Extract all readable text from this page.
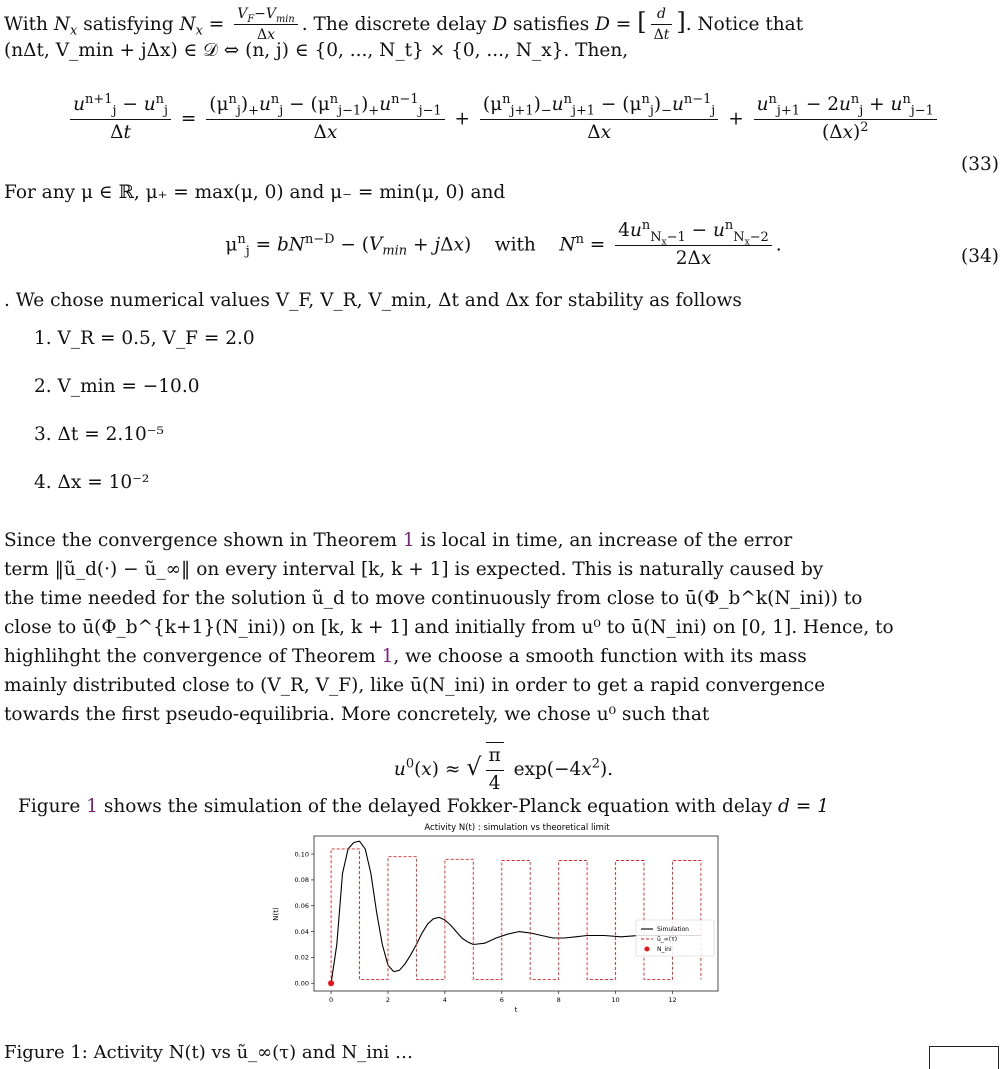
With $N_x$ satisfying $N_x = \frac{V_F-V_{min}}{\Delta x}$ . The discrete delay D satisfies D = [ $\frac{d}{\Delta t}$ ]. Notice that
(nΔt, V_min + jΔx) ∈ 𝒟 ⇔ (n, j) ∈ {0, ..., N_t} × {0, ..., N_x}. Then,
$\frac{u^{n+1}_j - u^n_j}{\Delta t} = \frac{(\mu^n_j)_+u^n_j - (\mu^n_{j-1})_+u^{n-1}_{j-1}}{\Delta x} + \frac{(\mu^n_{j+1})_-u^n_{j+1} - (\mu^n_j)_-u^{n-1}_j}{\Delta x} + \frac{u^n_{j+1} - 2u^n_j + u^n_{j-1}}{(\Delta x)^2}$
(33)
For any μ ∈ ℝ, μ₊ = max(μ, 0) and μ₋ = min(μ, 0) and
$\mu^n_j = bN^{n-D} - (V_{min} + j\Delta x)$    with $N^n = \frac{4u^n_{N_x-1} - u^n_{N_x-2}}{2\Delta x}$ .
(34)
. We chose numerical values V_F, V_R, V_min, Δt and Δx for stability as follows
1. V_R = 0.5, V_F = 2.0
2. V_min = −10.0
3. Δt = 2.10⁻⁵
4. Δx = 10⁻²
Since the convergence shown in Theorem 1 is local in time, an increase of the error
term ‖ũ_d(·) − ũ_∞‖ on every interval [k, k + 1] is expected. This is naturally caused by
the time needed for the solution ũ_d to move continuously from close to ū(Φ_b^k(N_ini)) to
close to ū(Φ_b^{k+1}(N_ini)) on [k, k + 1] and initially from u⁰ to ū(N_ini) on [0, 1]. Hence, to
highlihght the convergence of Theorem 1, we choose a smooth function with its mass
mainly distributed close to (V_R, V_F), like ū(N_ini) in order to get a rapid convergence
towards the first pseudo-equilibria. More concretely, we chose u⁰ such that
$u^0(x)$ ≈ √ $\frac{\pi}{4} \exp(-4x^2)$.
Figure 1 shows the simulation of the delayed Fokker-Planck equation with delay d = 1
Activity N(t) : simulation vs theoretical limit
0	2	4	6	8	10	12
0.00
0.02
0.04
0.06
0.08
0.10
N(t)
t
Simulation
ũ_∞(τ)
N_ini
Figure 1: Activity N(t) vs ũ_∞(τ) and N_ini …
